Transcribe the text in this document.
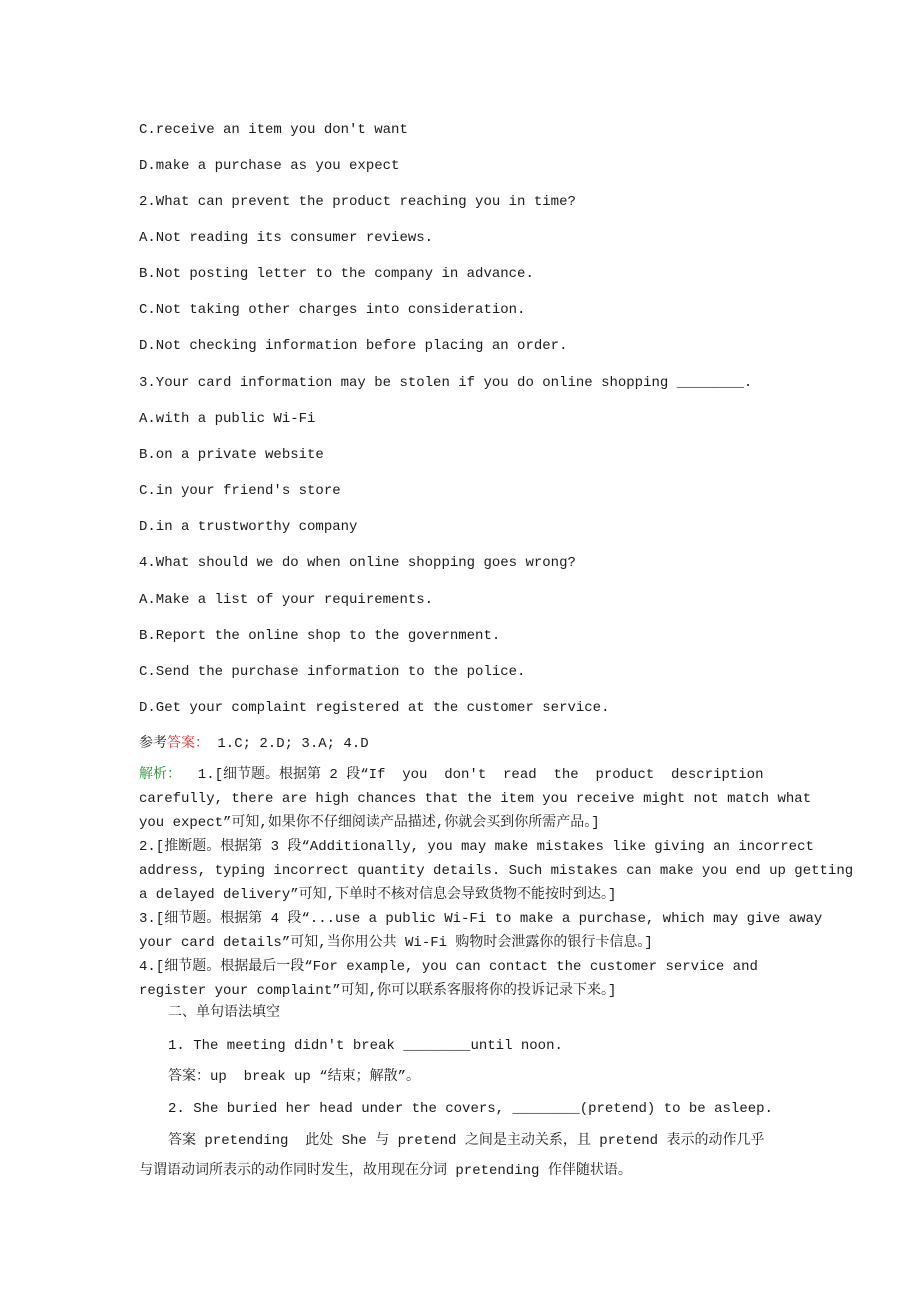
C.receive an item you don't want
D.make a purchase as you expect
2.What can prevent the product reaching you in time?
A.Not reading its consumer reviews.
B.Not posting letter to the company in advance.
C.Not taking other charges into consideration.
D.Not checking information before placing an order.
3.Your card information may be stolen if you do online shopping ________.
A.with a public Wi-Fi
B.on a private website
C.in your friend's store
D.in a trustworthy company
4.What should we do when online shopping goes wrong?
A.Make a list of your requirements.
B.Report the online shop to the government.
C.Send the purchase information to the police.
D.Get your complaint registered at the customer service.
参考答案： 1.C; 2.D; 3.A; 4.D
解析：  1.[细节题。根据第 2 段“If  you  don't  read  the  product  description
carefully, there are high chances that the item you receive might not match what
you expect”可知,如果你不仔细阅读产品描述,你就会买到你所需产品。]
2.[推断题。根据第 3 段“Additionally, you may make mistakes like giving an incorrect
address, typing incorrect quantity details. Such mistakes can make you end up getting
a delayed delivery”可知,下单时不核对信息会导致货物不能按时到达。]
3.[细节题。根据第 4 段“...use a public Wi-Fi to make a purchase, which may give away
your card details”可知,当你用公共 Wi-Fi 购物时会泄露你的银行卡信息。]
4.[细节题。根据最后一段“For example, you can contact the customer service and
register your complaint”可知,你可以联系客服将你的投诉记录下来。]
二、单句语法填空
1. The meeting didn't break ________until noon.
答案：up  break up “结束；解散”。
2. She buried her head under the covers, ________(pretend) to be asleep.
答案 pretending  此处 She 与 pretend 之间是主动关系，且 pretend 表示的动作几乎
与谓语动词所表示的动作同时发生，故用现在分词 pretending 作伴随状语。
